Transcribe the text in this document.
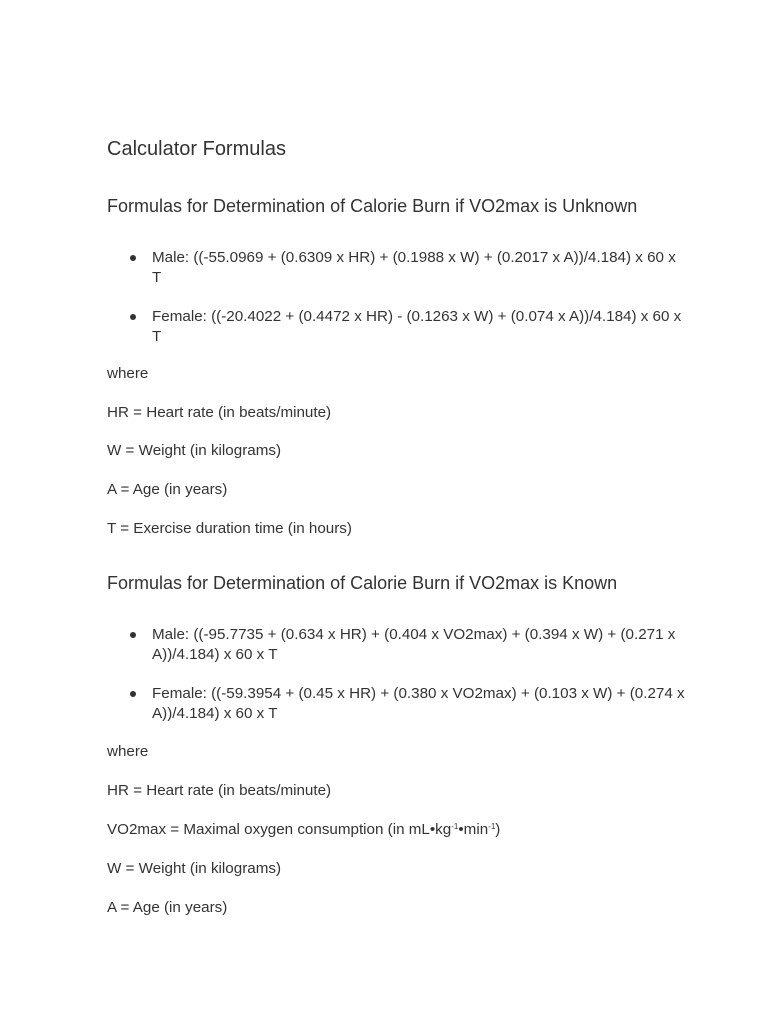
Calculator Formulas
Formulas for Determination of Calorie Burn if VO2max is Unknown
Male: ((-55.0969 + (0.6309 x HR) + (0.1988 x W) + (0.2017 x A))/4.184) x 60 x T
Female: ((-20.4022 + (0.4472 x HR) - (0.1263 x W) + (0.074 x A))/4.184) x 60 x T

where

HR = Heart rate (in beats/minute)

W = Weight (in kilograms)

A = Age (in years)

T = Exercise duration time (in hours)

Formulas for Determination of Calorie Burn if VO2max is Known
Male: ((-95.7735 + (0.634 x HR) + (0.404 x VO2max) + (0.394 x W) + (0.271 x A))/4.184) x 60 x T
Female: ((-59.3954 + (0.45 x HR) + (0.380 x VO2max) + (0.103 x W) + (0.274 x A))/4.184) x 60 x T

where

HR = Heart rate (in beats/minute)

VO2max = Maximal oxygen consumption (in $mL•kg^{-1}•\min^{-1}$)

W = Weight (in kilograms)

A = Age (in years)
